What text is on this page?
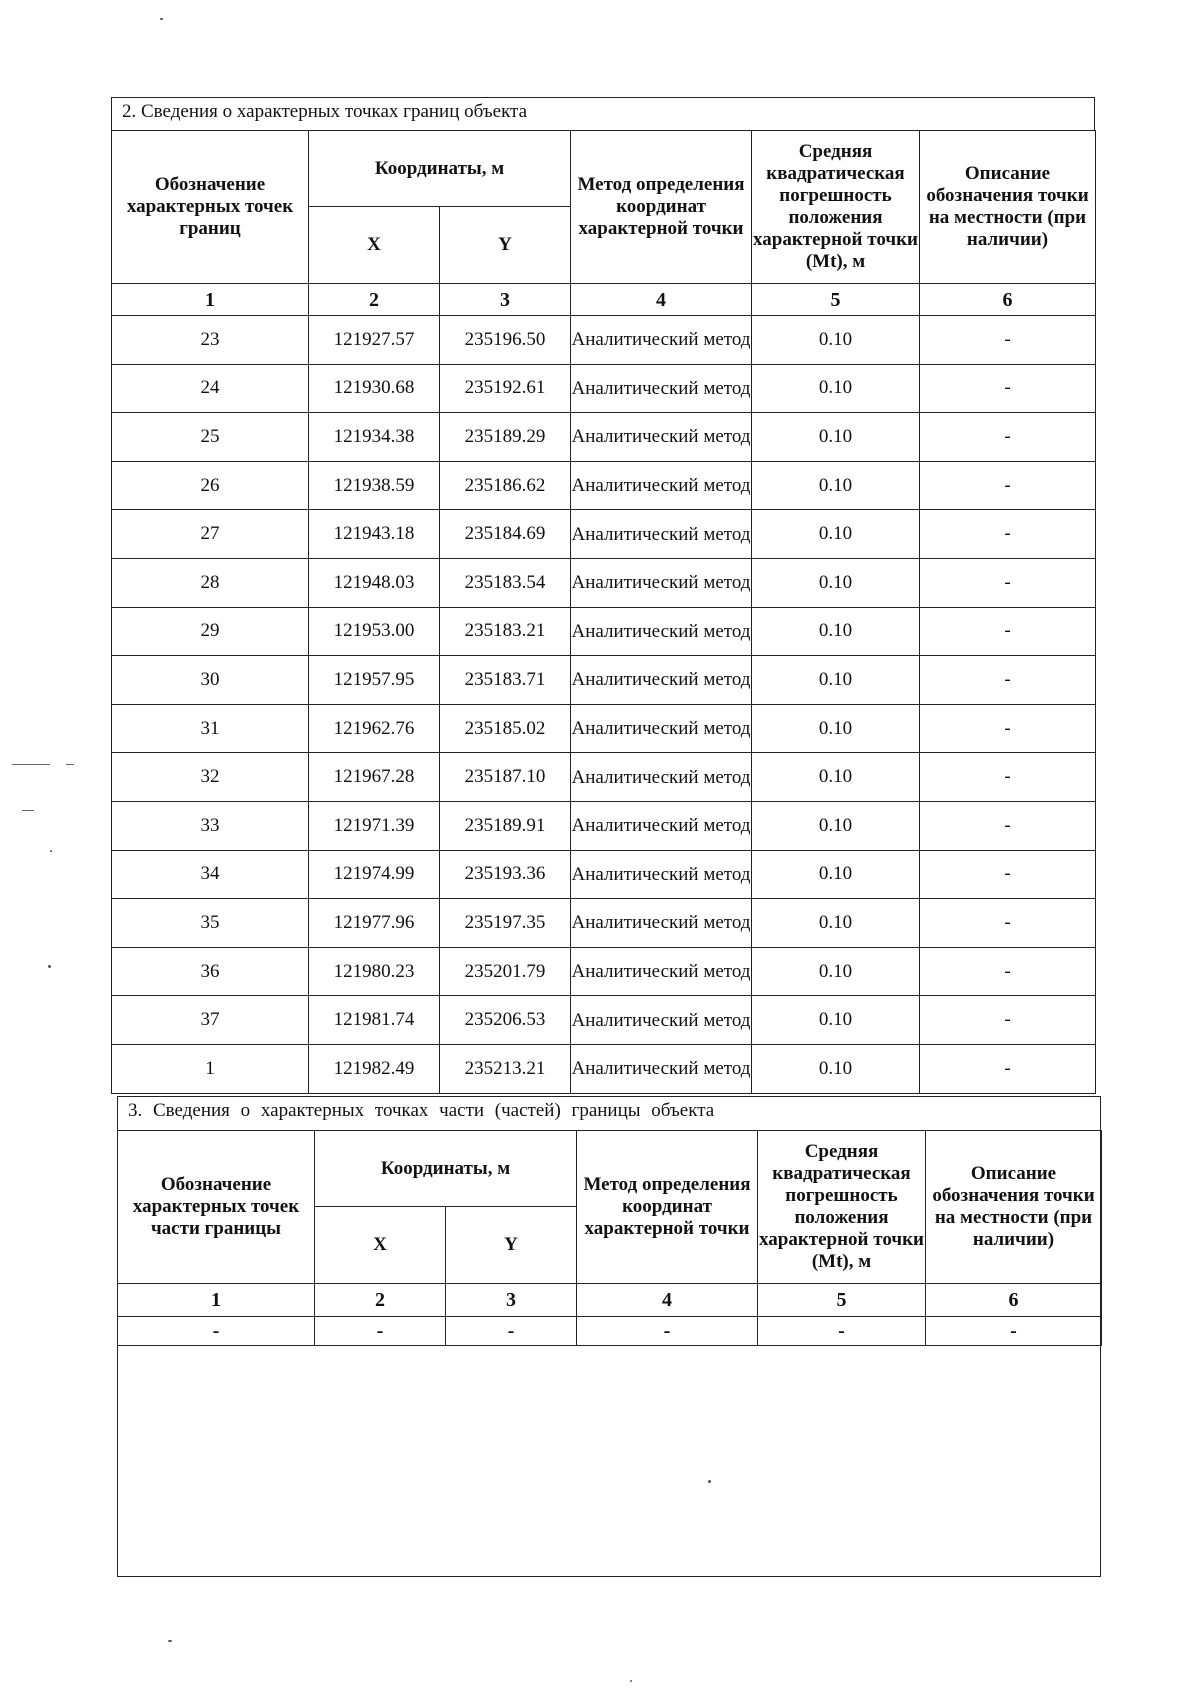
2. Сведения о характерных точках границ объекта
Обозначение характерных точек границ	Координаты, м		Метод определения координат характерной точки	Средняя квадратическая погрешность положения характерной точки (Mt), м	Описание обозначения точки на местности (при наличии)
	X	Y			
1	2	3	4	5	6
23	121927.57	235196.50	Аналитический метод	0.10	-
24	121930.68	235192.61	Аналитический метод	0.10	-
25	121934.38	235189.29	Аналитический метод	0.10	-
26	121938.59	235186.62	Аналитический метод	0.10	-
27	121943.18	235184.69	Аналитический метод	0.10	-
28	121948.03	235183.54	Аналитический метод	0.10	-
29	121953.00	235183.21	Аналитический метод	0.10	-
30	121957.95	235183.71	Аналитический метод	0.10	-
31	121962.76	235185.02	Аналитический метод	0.10	-
32	121967.28	235187.10	Аналитический метод	0.10	-
33	121971.39	235189.91	Аналитический метод	0.10	-
34	121974.99	235193.36	Аналитический метод	0.10	-
35	121977.96	235197.35	Аналитический метод	0.10	-
36	121980.23	235201.79	Аналитический метод	0.10	-
37	121981.74	235206.53	Аналитический метод	0.10	-
1	121982.49	235213.21	Аналитический метод	0.10	-
3. Сведения о характерных точках части (частей) границы объекта
Обозначение характерных точек части границы	Координаты, м		Метод определения координат характерной точки	Средняя квадратическая погрешность положения характерной точки (Mt), м	Описание обозначения точки на местности (при наличии)
	X	Y			
1	2	3	4	5	6
-	-	-	-	-	-
